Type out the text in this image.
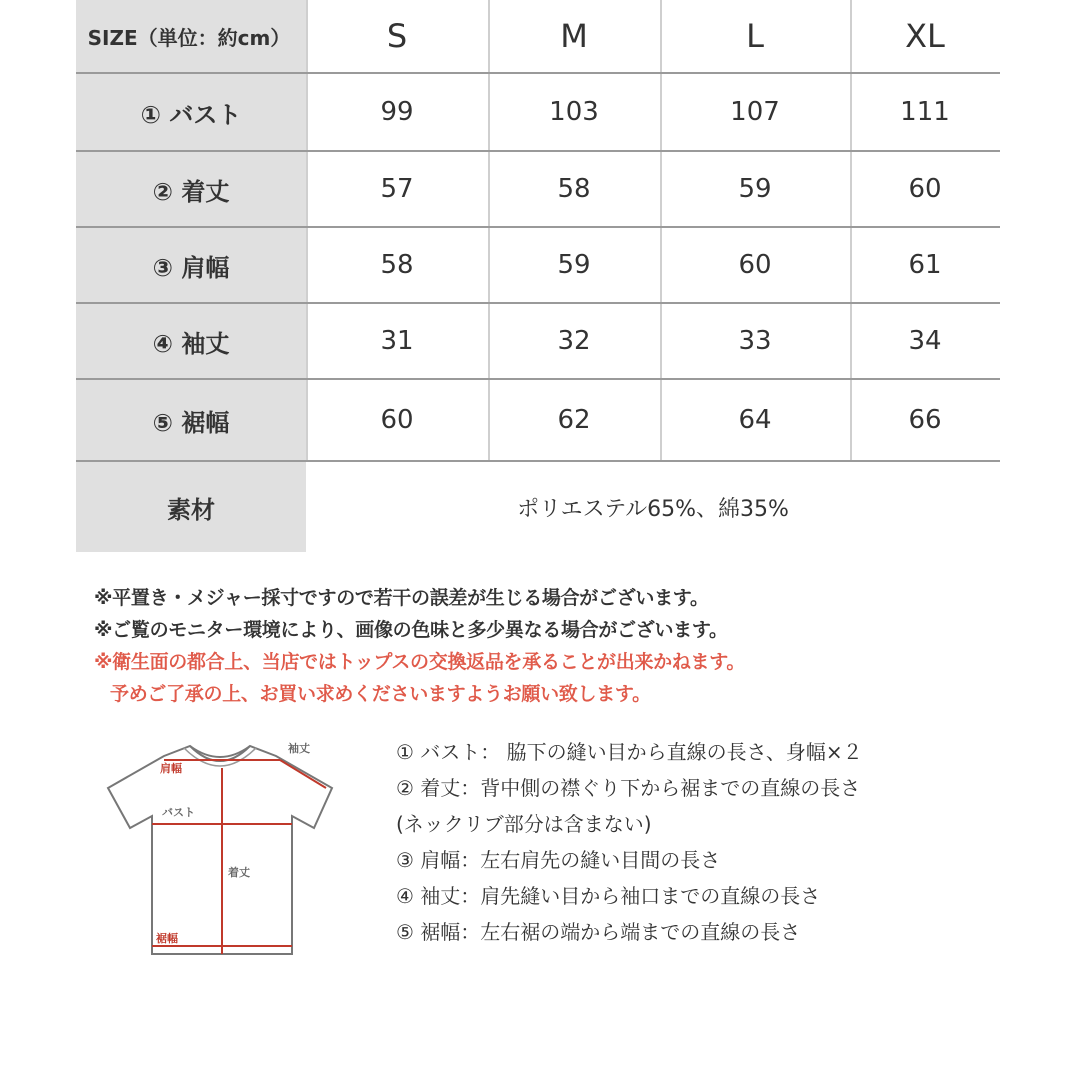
SIZE（単位：約cm）	S	M	L	XL
① バスト	99	103	107	111
② 着丈	57	58	59	60
③ 肩幅	58	59	60	61
④ 袖丈	31	32	33	34
⑤ 裾幅	60	62	64	66
素材	ポリエステル65%、綿35%
※平置き・メジャー採寸ですので若干の誤差が生じる場合がございます。
※ご覧のモニター環境により、画像の色味と多少異なる場合がございます。
※衛生面の都合上、当店ではトップスの交換返品を承ることが出来かねます。
予めご了承の上、お買い求めくださいますようお願い致します。
袖丈
肩幅
バスト
着丈
裾幅
① バスト： 脇下の縫い目から直線の長さ、身幅×２
② 着丈：背中側の襟ぐり下から裾までの直線の長さ
(ネックリブ部分は含まない)
③ 肩幅：左右肩先の縫い目間の長さ
④ 袖丈：肩先縫い目から袖口までの直線の長さ
⑤ 裾幅：左右裾の端から端までの直線の長さ
